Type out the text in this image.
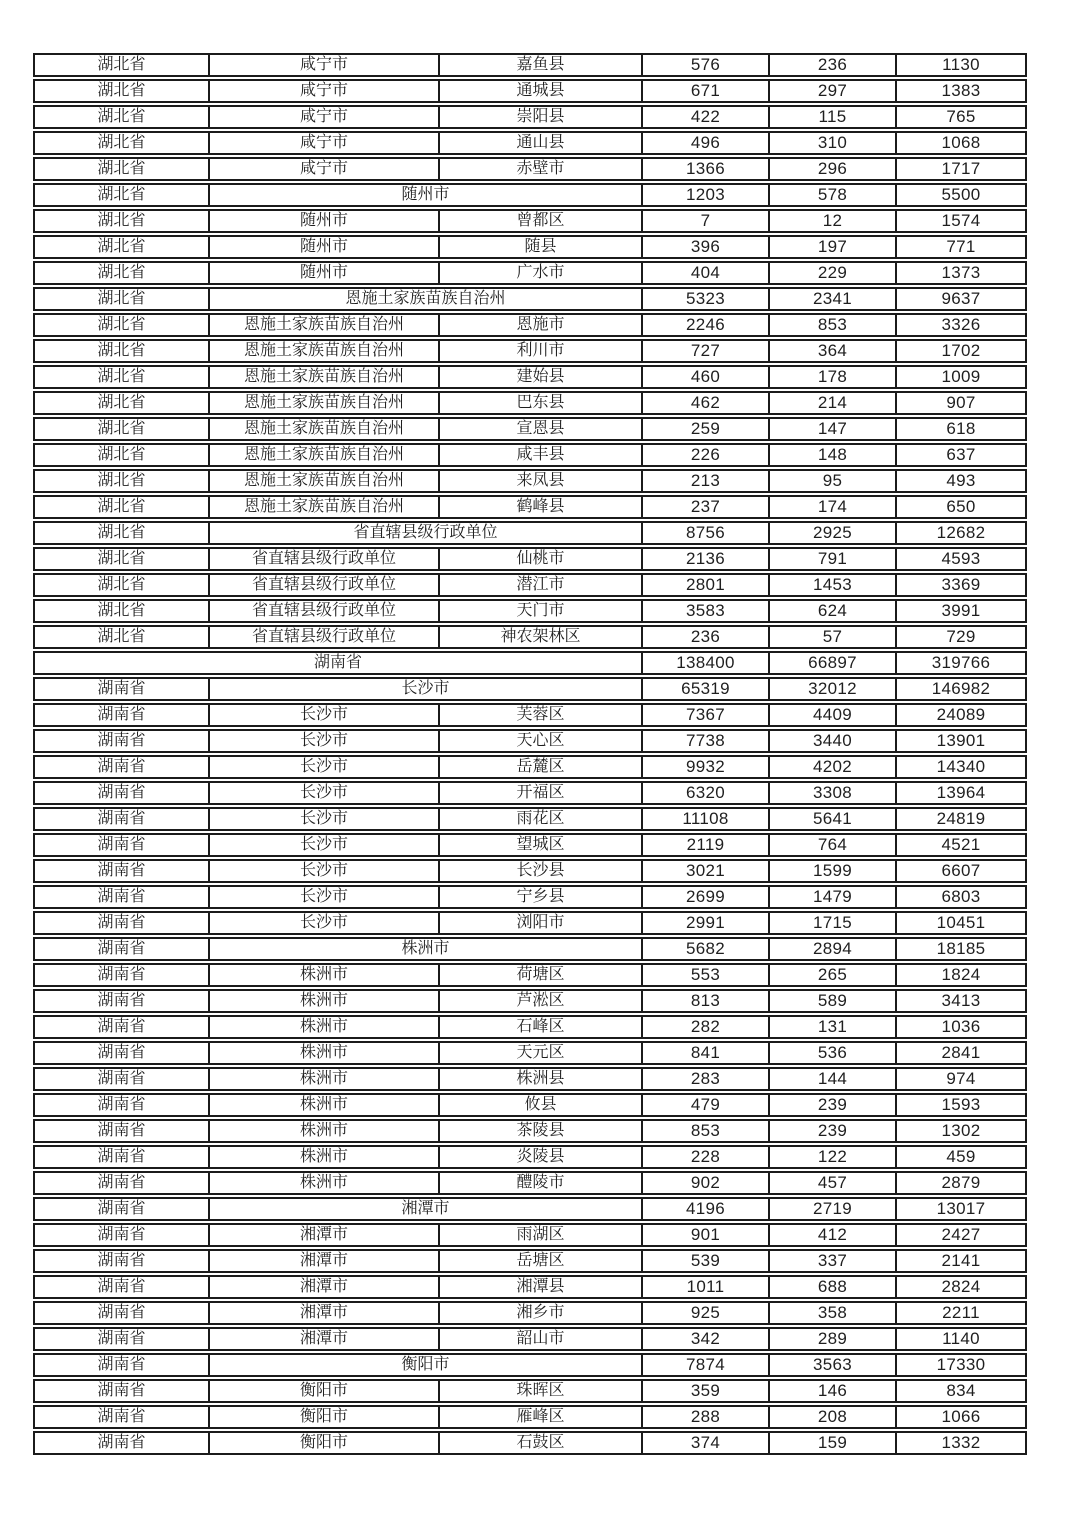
湖北省	咸宁市	嘉鱼县	576	236	1130
湖北省	咸宁市	通城县	671	297	1383
湖北省	咸宁市	崇阳县	422	115	765
湖北省	咸宁市	通山县	496	310	1068
湖北省	咸宁市	赤壁市	1366	296	1717
湖北省	随州市	1203	578	5500
湖北省	随州市	曾都区	7	12	1574
湖北省	随州市	随县	396	197	771
湖北省	随州市	广水市	404	229	1373
湖北省	恩施土家族苗族自治州	5323	2341	9637
湖北省	恩施土家族苗族自治州	恩施市	2246	853	3326
湖北省	恩施土家族苗族自治州	利川市	727	364	1702
湖北省	恩施土家族苗族自治州	建始县	460	178	1009
湖北省	恩施土家族苗族自治州	巴东县	462	214	907
湖北省	恩施土家族苗族自治州	宣恩县	259	147	618
湖北省	恩施土家族苗族自治州	咸丰县	226	148	637
湖北省	恩施土家族苗族自治州	来凤县	213	95	493
湖北省	恩施土家族苗族自治州	鹤峰县	237	174	650
湖北省	省直辖县级行政单位	8756	2925	12682
湖北省	省直辖县级行政单位	仙桃市	2136	791	4593
湖北省	省直辖县级行政单位	潜江市	2801	1453	3369
湖北省	省直辖县级行政单位	天门市	3583	624	3991
湖北省	省直辖县级行政单位	神农架林区	236	57	729
湖南省	138400	66897	319766
湖南省	长沙市	65319	32012	146982
湖南省	长沙市	芙蓉区	7367	4409	24089
湖南省	长沙市	天心区	7738	3440	13901
湖南省	长沙市	岳麓区	9932	4202	14340
湖南省	长沙市	开福区	6320	3308	13964
湖南省	长沙市	雨花区	11108	5641	24819
湖南省	长沙市	望城区	2119	764	4521
湖南省	长沙市	长沙县	3021	1599	6607
湖南省	长沙市	宁乡县	2699	1479	6803
湖南省	长沙市	浏阳市	2991	1715	10451
湖南省	株洲市	5682	2894	18185
湖南省	株洲市	荷塘区	553	265	1824
湖南省	株洲市	芦淞区	813	589	3413
湖南省	株洲市	石峰区	282	131	1036
湖南省	株洲市	天元区	841	536	2841
湖南省	株洲市	株洲县	283	144	974
湖南省	株洲市	攸县	479	239	1593
湖南省	株洲市	茶陵县	853	239	1302
湖南省	株洲市	炎陵县	228	122	459
湖南省	株洲市	醴陵市	902	457	2879
湖南省	湘潭市	4196	2719	13017
湖南省	湘潭市	雨湖区	901	412	2427
湖南省	湘潭市	岳塘区	539	337	2141
湖南省	湘潭市	湘潭县	1011	688	2824
湖南省	湘潭市	湘乡市	925	358	2211
湖南省	湘潭市	韶山市	342	289	1140
湖南省	衡阳市	7874	3563	17330
湖南省	衡阳市	珠晖区	359	146	834
湖南省	衡阳市	雁峰区	288	208	1066
湖南省	衡阳市	石鼓区	374	159	1332
